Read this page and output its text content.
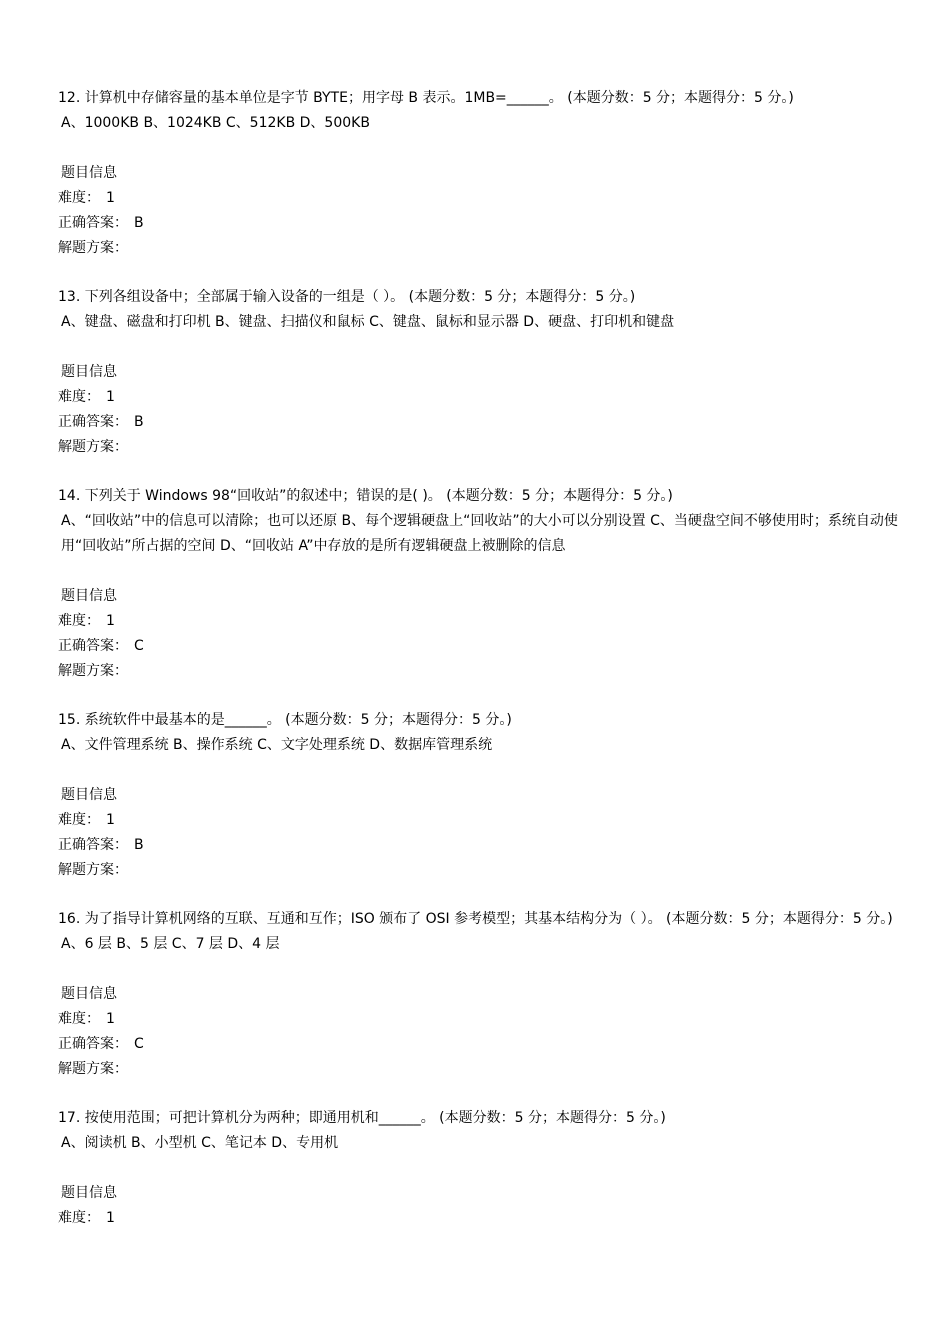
12. 计算机中存储容量的基本单位是字节 BYTE；用字母 B 表示。1MB=______。 (本题分数：5 分；本题得分：5 分。)
A、1000KB B、1024KB C、512KB D、500KB
题目信息
难度： 1
正确答案： B
解题方案：
13. 下列各组设备中；全部属于输入设备的一组是（ ）。 (本题分数：5 分；本题得分：5 分。)
A、键盘、磁盘和打印机 B、键盘、扫描仪和鼠标 C、键盘、鼠标和显示器 D、硬盘、打印机和键盘
题目信息
难度： 1
正确答案： B
解题方案：
14. 下列关于 Windows 98“回收站”的叙述中；错误的是( )。 (本题分数：5 分；本题得分：5 分。)
A、“回收站”中的信息可以清除；也可以还原 B、每个逻辑硬盘上“回收站”的大小可以分别设置 C、当硬盘空间不够使用时；系统自动使用“回收站”所占据的空间 D、“回收站 A”中存放的是所有逻辑硬盘上被删除的信息
题目信息
难度： 1
正确答案： C
解题方案：
15. 系统软件中最基本的是______。 (本题分数：5 分；本题得分：5 分。)
A、文件管理系统 B、操作系统 C、文字处理系统 D、数据库管理系统
题目信息
难度： 1
正确答案： B
解题方案：
16. 为了指导计算机网络的互联、互通和互作；ISO 颁布了 OSI 参考模型；其基本结构分为（ ）。 (本题分数：5 分；本题得分：5 分。)
A、6 层 B、5 层 C、7 层 D、4 层
题目信息
难度： 1
正确答案： C
解题方案：
17. 按使用范围；可把计算机分为两种；即通用机和______。 (本题分数：5 分；本题得分：5 分。)
A、阅读机 B、小型机 C、笔记本 D、专用机
题目信息
难度： 1
